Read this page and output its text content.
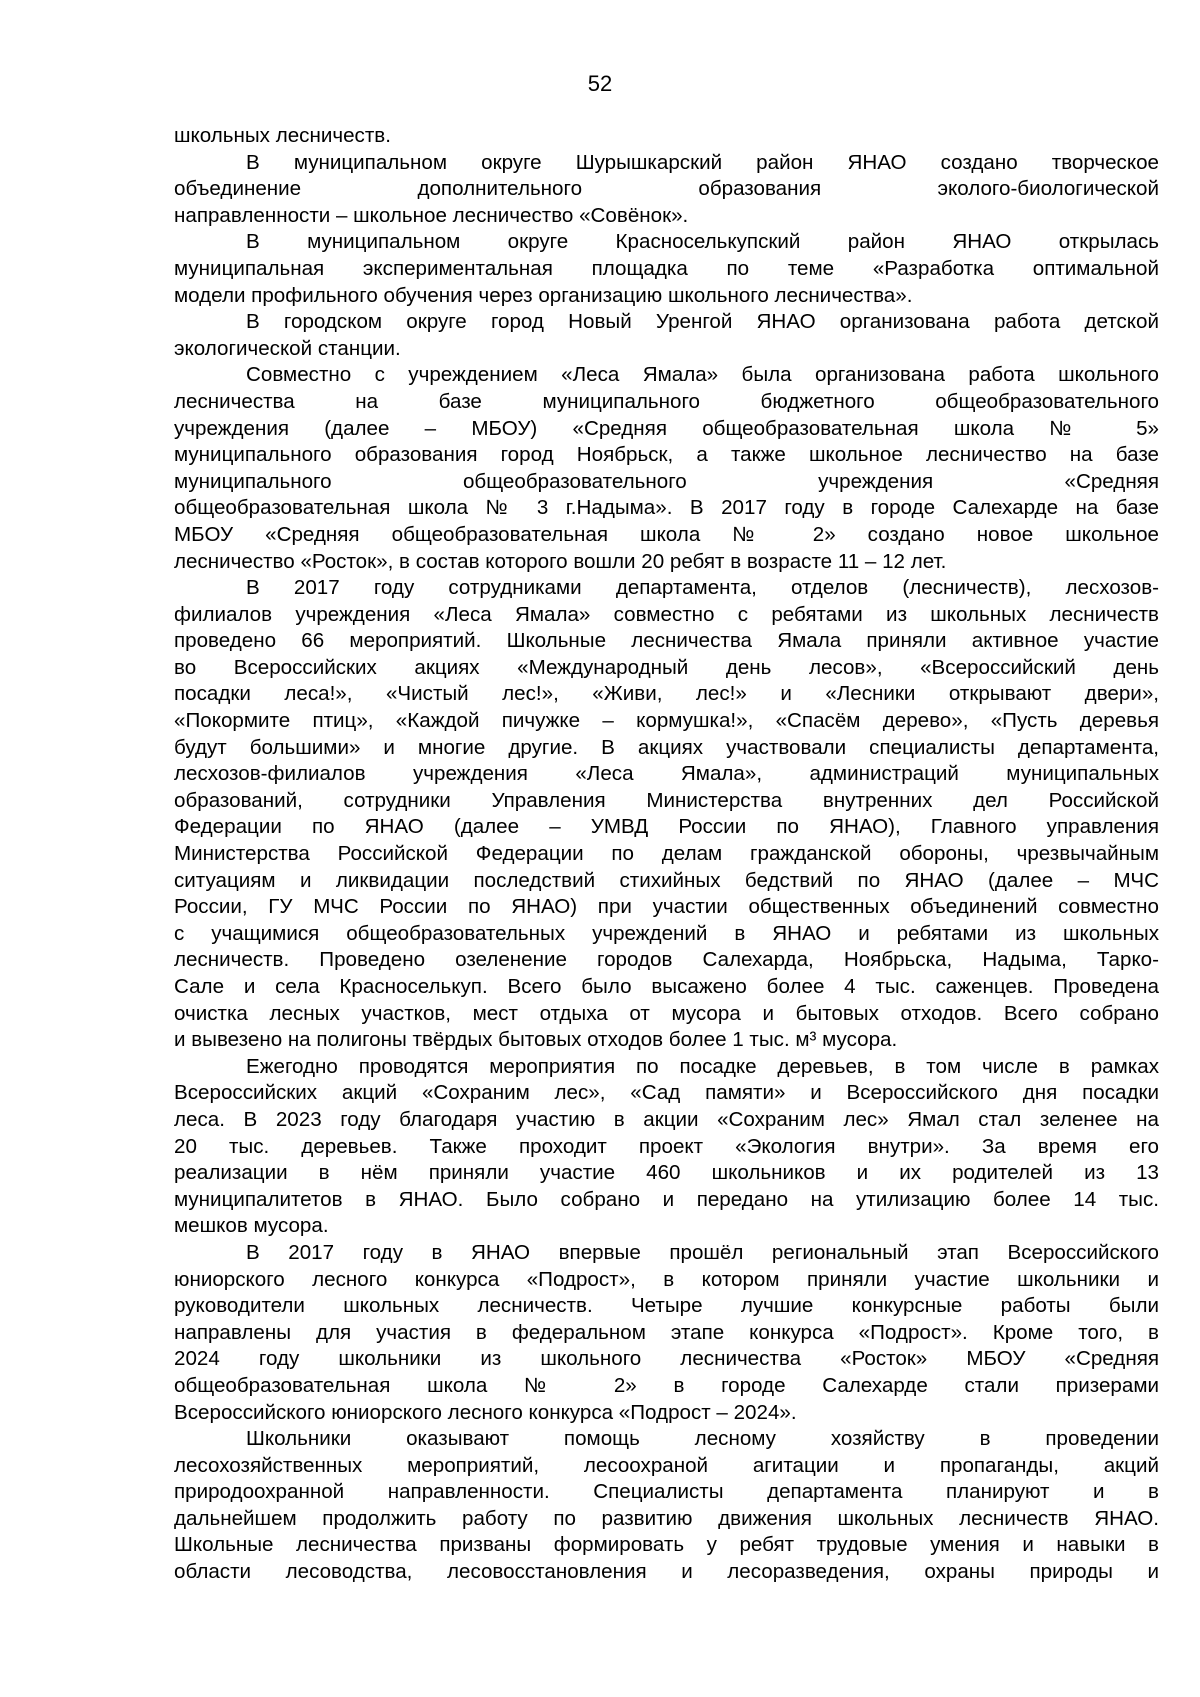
52
школьных лесничеств.
В муниципальном округе Шурышкарский район ЯНАО создано творческое
объединение дополнительного образования эколого-биологической
направленности – школьное лесничество «Совёнок».
В муниципальном округе Красноселькупский район ЯНАО открылась
муниципальная экспериментальная площадка по теме «Разработка оптимальной
модели профильного обучения через организацию школьного лесничества».
В городском округе город Новый Уренгой ЯНАО организована работа детской
экологической станции.
Совместно с учреждением «Леса Ямала» была организована работа школьного
лесничества на базе муниципального бюджетного общеобразовательного
учреждения (далее – МБОУ) «Средняя общеобразовательная школа № 5»
муниципального образования город Ноябрьск, а также школьное лесничество на базе
муниципального общеобразовательного учреждения «Средняя
общеобразовательная школа № 3 г.Надыма». В 2017 году в городе Салехарде на базе
МБОУ «Средняя общеобразовательная школа № 2» создано новое школьное
лесничество «Росток», в состав которого вошли 20 ребят в возрасте 11 – 12 лет.
В 2017 году сотрудниками департамента, отделов (лесничеств), лесхозов-
филиалов учреждения «Леса Ямала» совместно с ребятами из школьных лесничеств
проведено 66 мероприятий. Школьные лесничества Ямала приняли активное участие
во Всероссийских акциях «Международный день лесов», «Всероссийский день
посадки леса!», «Чистый лес!», «Живи, лес!» и «Лесники открывают двери»,
«Покормите птиц», «Каждой пичужке – кормушка!», «Спасём дерево», «Пусть деревья
будут большими» и многие другие. В акциях участвовали специалисты департамента,
лесхозов-филиалов учреждения «Леса Ямала», администраций муниципальных
образований, сотрудники Управления Министерства внутренних дел Российской
Федерации по ЯНАО (далее – УМВД России по ЯНАО), Главного управления
Министерства Российской Федерации по делам гражданской обороны, чрезвычайным
ситуациям и ликвидации последствий стихийных бедствий по ЯНАО (далее – МЧС
России, ГУ МЧС России по ЯНАО) при участии общественных объединений совместно
с учащимися общеобразовательных учреждений в ЯНАО и ребятами из школьных
лесничеств. Проведено озеленение городов Салехарда, Ноябрьска, Надыма, Тарко-
Сале и села Красноселькуп. Всего было высажено более 4 тыс. саженцев. Проведена
очистка лесных участков, мест отдыха от мусора и бытовых отходов. Всего собрано
и вывезено на полигоны твёрдых бытовых отходов более 1 тыс. м³ мусора.
Ежегодно проводятся мероприятия по посадке деревьев, в том числе в рамках
Всероссийских акций «Сохраним лес», «Сад памяти» и Всероссийского дня посадки
леса. В 2023 году благодаря участию в акции «Сохраним лес» Ямал стал зеленее на
20 тыс. деревьев. Также проходит проект «Экология внутри». За время его
реализации в нём приняли участие 460 школьников и их родителей из 13
муниципалитетов в ЯНАО. Было собрано и передано на утилизацию более 14 тыс.
мешков мусора.
В 2017 году в ЯНАО впервые прошёл региональный этап Всероссийского
юниорского лесного конкурса «Подрост», в котором приняли участие школьники и
руководители школьных лесничеств. Четыре лучшие конкурсные работы были
направлены для участия в федеральном этапе конкурса «Подрост». Кроме того, в
2024 году школьники из школьного лесничества «Росток» МБОУ «Средняя
общеобразовательная школа № 2» в городе Салехарде стали призерами
Всероссийского юниорского лесного конкурса «Подрост – 2024».
Школьники оказывают помощь лесному хозяйству в проведении
лесохозяйственных мероприятий, лесоохраной агитации и пропаганды, акций
природоохранной направленности. Специалисты департамента планируют и в
дальнейшем продолжить работу по развитию движения школьных лесничеств ЯНАО.
Школьные лесничества призваны формировать у ребят трудовые умения и навыки в
области лесоводства, лесовосстановления и лесоразведения, охраны природы и
